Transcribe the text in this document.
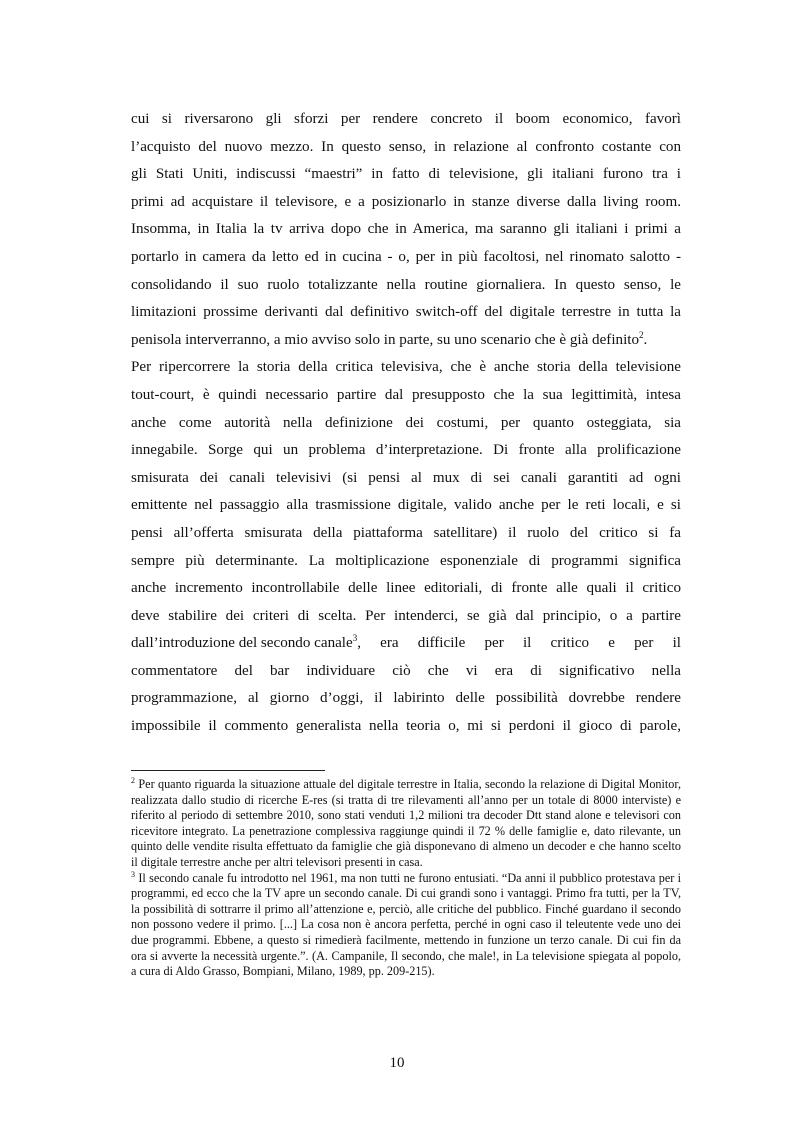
cui si riversarono gli sforzi per rendere concreto il boom economico, favorì
l’acquisto del nuovo mezzo. In questo senso, in relazione al confronto costante con
gli Stati Uniti, indiscussi “maestri” in fatto di televisione, gli italiani furono tra i
primi ad acquistare il televisore, e a posizionarlo in stanze diverse dalla living room.
Insomma, in Italia la tv arriva dopo che in America, ma saranno gli italiani i primi a
portarlo in camera da letto ed in cucina - o, per in più facoltosi, nel rinomato salotto -
consolidando il suo ruolo totalizzante nella routine giornaliera. In questo senso, le
limitazioni prossime derivanti dal definitivo switch-off del digitale terrestre in tutta la
penisola interverranno, a mio avviso solo in parte, su uno scenario che è già definito$^2$.
Per ripercorrere la storia della critica televisiva, che è anche storia della televisione
tout-court, è quindi necessario partire dal presupposto che la sua legittimità, intesa
anche come autorità nella definizione dei costumi, per quanto osteggiata, sia
innegabile. Sorge qui un problema d’interpretazione. Di fronte alla prolificazione
smisurata dei canali televisivi (si pensi al mux di sei canali garantiti ad ogni
emittente nel passaggio alla trasmissione digitale, valido anche per le reti locali, e si
pensi all’offerta smisurata della piattaforma satellitare) il ruolo del critico si fa
sempre più determinante. La moltiplicazione esponenziale di programmi significa
anche incremento incontrollabile delle linee editoriali, di fronte alle quali il critico
deve stabilire dei criteri di scelta. Per intenderci, se già dal principio, o a partire
dall’introduzione del secondo canale$^3$ , era difficile per il critico e per il
commentatore del bar individuare ciò che vi era di significativo nella
programmazione, al giorno d’oggi, il labirinto delle possibilità dovrebbe rendere
impossibile il commento generalista nella teoria o, mi si perdoni il gioco di parole,

$^2$ Per quanto riguarda la situazione attuale del digitale terrestre in Italia, secondo la relazione di Digital Monitor, realizzata dallo studio di ricerche E-res (si tratta di tre rilevamenti all’anno per un totale di 8000 interviste) e riferito al periodo di settembre 2010, sono stati venduti 1,2 milioni tra decoder Dtt stand alone e televisori con ricevitore integrato. La penetrazione complessiva raggiunge quindi il 72 % delle famiglie e, dato rilevante, un quinto delle vendite risulta effettuato da famiglie che già disponevano di almeno un decoder e che hanno scelto il digitale terrestre anche per altri televisori presenti in casa.

$^3$ Il secondo canale fu introdotto nel 1961, ma non tutti ne furono entusiati. “Da anni il pubblico protestava per i programmi, ed ecco che la TV apre un secondo canale. Di cui grandi sono i vantaggi. Primo fra tutti, per la TV, la possibilità di sottrarre il primo all’attenzione e, perciò, alle critiche del pubblico. Finché guardano il secondo non possono vedere il primo. [...] La cosa non è ancora perfetta, perché in ogni caso il teleutente vede uno dei due programmi. Ebbene, a questo si rimedierà facilmente, mettendo in funzione un terzo canale. Di cui fin da ora si avverte la necessità urgente.”. (A. Campanile, Il secondo, che male!, in La televisione spiegata al popolo, a cura di Aldo Grasso, Bompiani, Milano, 1989, pp. 209-215).

10
